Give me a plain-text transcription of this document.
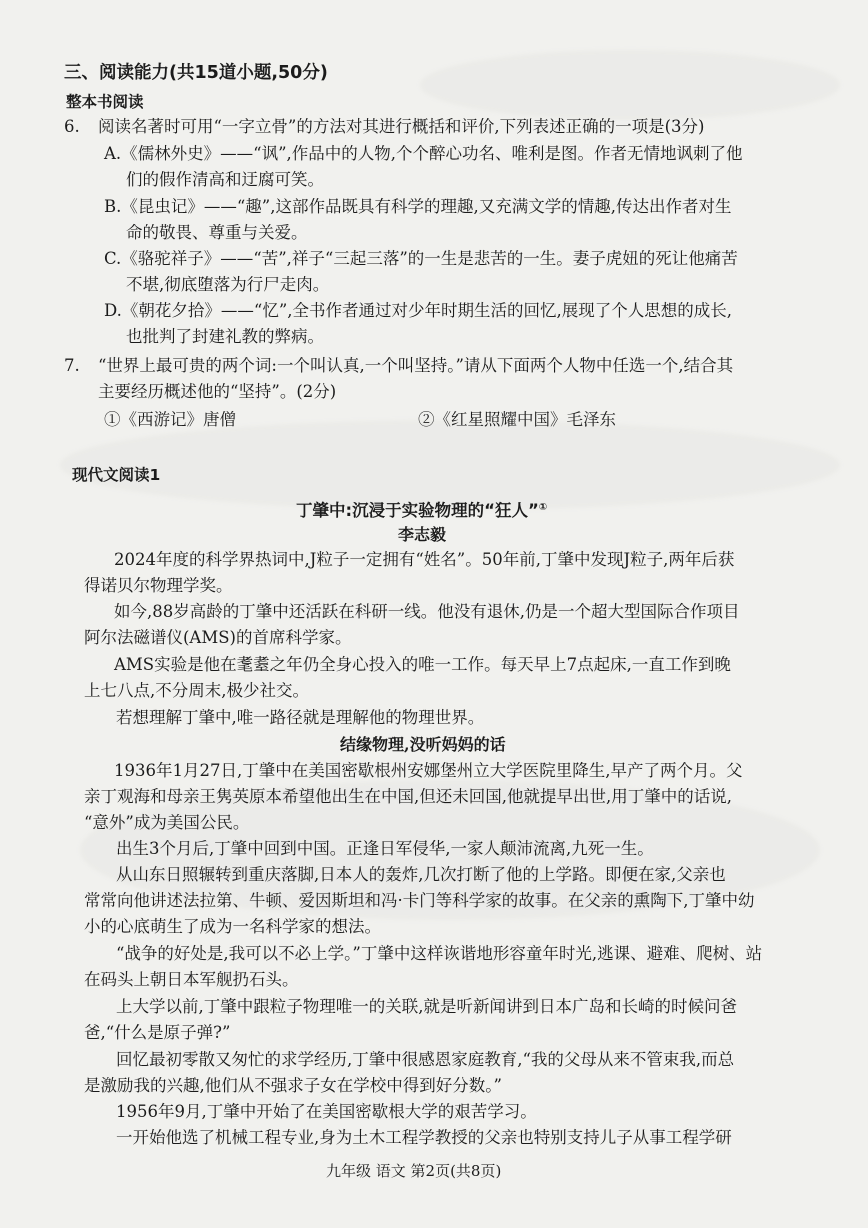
三、阅读能力(共15道小题,50分)
整本书阅读
6. 阅读名著时可用“一字立骨”的方法对其进行概括和评价,下列表述正确的一项是(3分)
A.《儒林外史》——“讽”,作品中的人物,个个醉心功名、唯利是图。作者无情地讽刺了他
们的假作清高和迂腐可笑。
B.《昆虫记》——“趣”,这部作品既具有科学的理趣,又充满文学的情趣,传达出作者对生
命的敬畏、尊重与关爱。
C.《骆驼祥子》——“苦”,祥子“三起三落”的一生是悲苦的一生。妻子虎妞的死让他痛苦
不堪,彻底堕落为行尸走肉。
D.《朝花夕拾》——“忆”,全书作者通过对少年时期生活的回忆,展现了个人思想的成长,
也批判了封建礼教的弊病。
7. “世界上最可贵的两个词:一个叫认真,一个叫坚持。”请从下面两个人物中任选一个,结合其
主要经历概述他的“坚持”。(2分)
①《西游记》唐僧	②《红星照耀中国》毛泽东
现代文阅读1
丁肇中:沉浸于实验物理的“狂人”①
李志毅
2024年度的科学界热词中,J粒子一定拥有“姓名”。50年前,丁肇中发现J粒子,两年后获
得诺贝尔物理学奖。
如今,88岁高龄的丁肇中还活跃在科研一线。他没有退休,仍是一个超大型国际合作项目
阿尔法磁谱仪(AMS)的首席科学家。
AMS实验是他在耄耋之年仍全身心投入的唯一工作。每天早上7点起床,一直工作到晚
上七八点,不分周末,极少社交。
若想理解丁肇中,唯一路径就是理解他的物理世界。
结缘物理,没听妈妈的话
1936年1月27日,丁肇中在美国密歇根州安娜堡州立大学医院里降生,早产了两个月。父
亲丁观海和母亲王隽英原本希望他出生在中国,但还未回国,他就提早出世,用丁肇中的话说,
“意外”成为美国公民。
出生3个月后,丁肇中回到中国。正逢日军侵华,一家人颠沛流离,九死一生。
从山东日照辗转到重庆落脚,日本人的轰炸,几次打断了他的上学路。即便在家,父亲也
常常向他讲述法拉第、牛顿、爱因斯坦和冯·卡门等科学家的故事。在父亲的熏陶下,丁肇中幼
小的心底萌生了成为一名科学家的想法。
“战争的好处是,我可以不必上学。”丁肇中这样诙谐地形容童年时光,逃课、避难、爬树、站
在码头上朝日本军舰扔石头。
上大学以前,丁肇中跟粒子物理唯一的关联,就是听新闻讲到日本广岛和长崎的时候问爸
爸,“什么是原子弹?”
回忆最初零散又匆忙的求学经历,丁肇中很感恩家庭教育,“我的父母从来不管束我,而总
是激励我的兴趣,他们从不强求子女在学校中得到好分数。”
1956年9月,丁肇中开始了在美国密歇根大学的艰苦学习。
一开始他选了机械工程专业,身为土木工程学教授的父亲也特别支持儿子从事工程学研
九年级 语文 第2页(共8页)
